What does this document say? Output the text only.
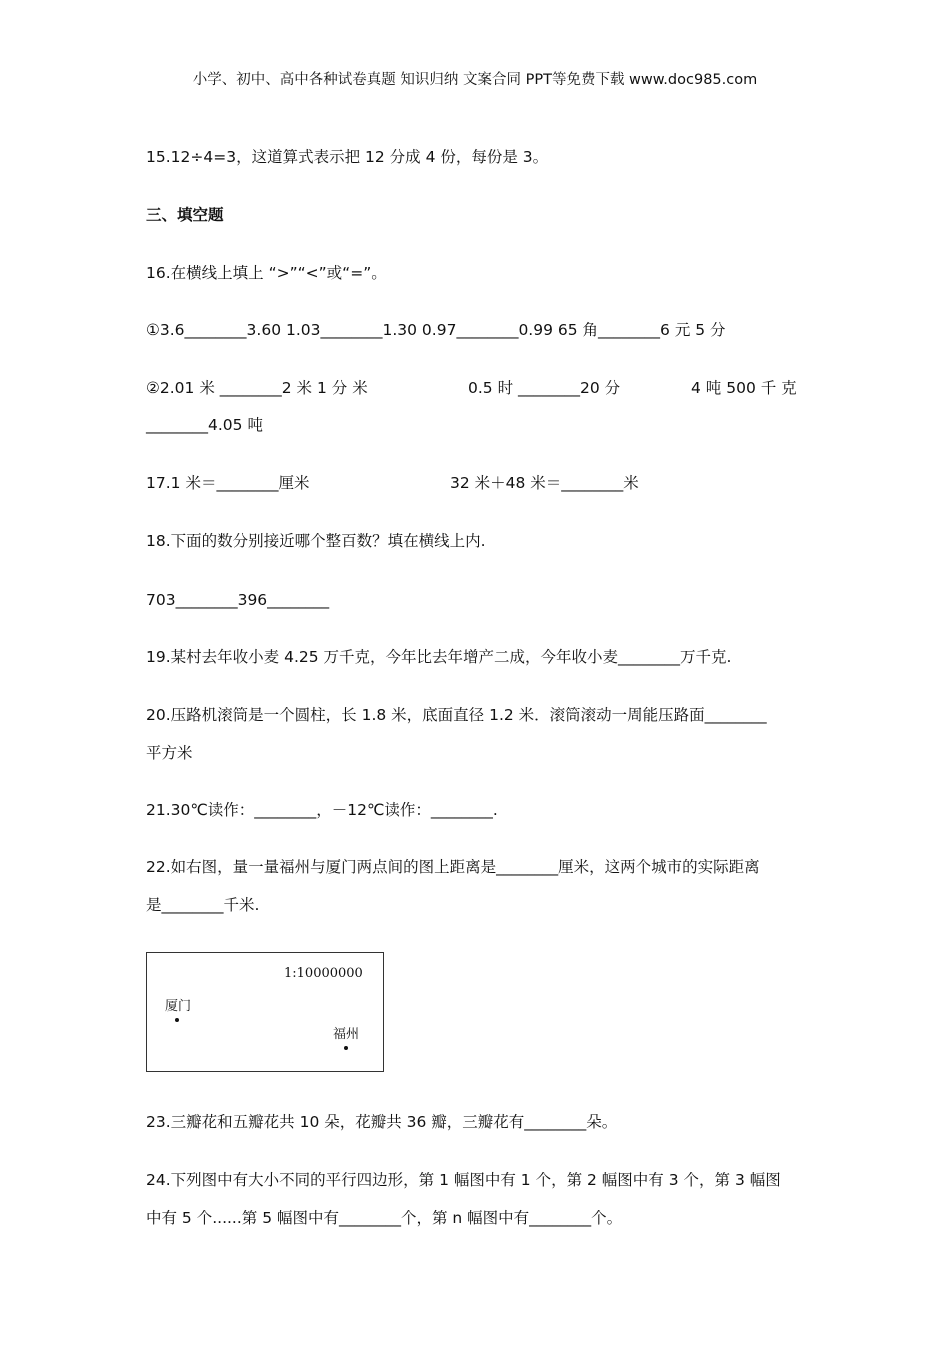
小学、初中、高中各种试卷真题 知识归纳 文案合同 PPT等免费下载 www.doc985.com
15.12÷4=3，这道算式表示把 12 分成 4 份，每份是 3。
三、填空题
16.在横线上填上 “>”“<”或“=”。
①3.6________3.60 1.03________1.30 0.97________0.99 65 角________6 元 5 分
②2.01 米 ________2 米 1 分 米	0.5 时 ________20 分	4 吨 500 千 克
________4.05 吨
17.1 米＝________厘米	32 米＋48 米＝________米
18.下面的数分别接近哪个整百数？填在横线上内.
703________396________
19.某村去年收小麦 4.25 万千克，今年比去年增产二成，今年收小麦________万千克.
20.压路机滚筒是一个圆柱，长 1.8 米，底面直径 1.2 米．滚筒滚动一周能压路面________
平方米
21.30℃读作：________，－12℃读作：________.
22.如右图，量一量福州与厦门两点间的图上距离是________厘米，这两个城市的实际距离
是________千米.
1:10000000
厦门
福州
23.三瓣花和五瓣花共 10 朵，花瓣共 36 瓣，三瓣花有________朵。
24.下列图中有大小不同的平行四边形，第 1 幅图中有 1 个，第 2 幅图中有 3 个，第 3 幅图
中有 5 个......第 5 幅图中有________个，第 n 幅图中有________个。
